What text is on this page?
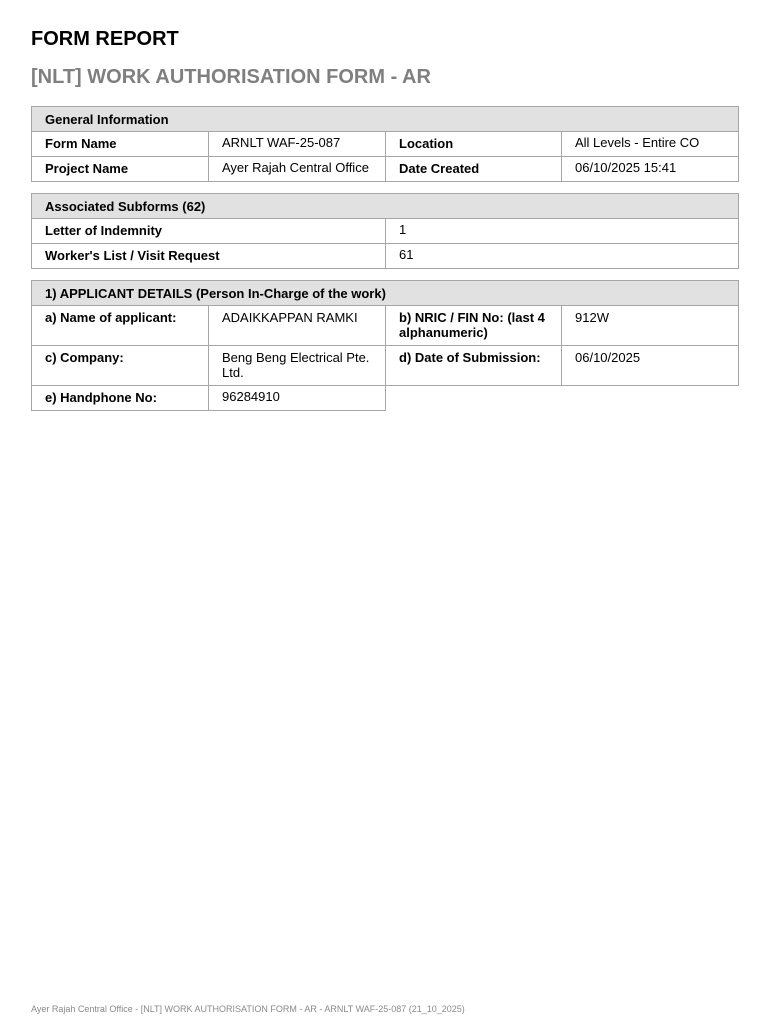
FORM REPORT
[NLT] WORK AUTHORISATION FORM - AR
General Information			
Form Name	ARNLT WAF-25-087	Location	All Levels - Entire CO
Project Name	Ayer Rajah Central Office	Date Created	06/10/2025 15:41
Associated Subforms (62)	
Letter of Indemnity	1
Worker's List / Visit Request	61
1) APPLICANT DETAILS (Person In-Charge of the work)			
a) Name of applicant:	ADAIKKAPPAN RAMKI	b) NRIC / FIN No: (last 4 alphanumeric)	912W
c) Company:	Beng Beng Electrical Pte. Ltd.	d) Date of Submission:	06/10/2025
e) Handphone No:	96284910		
Ayer Rajah Central Office - [NLT] WORK AUTHORISATION FORM - AR - ARNLT WAF-25-087 (21_10_2025)
